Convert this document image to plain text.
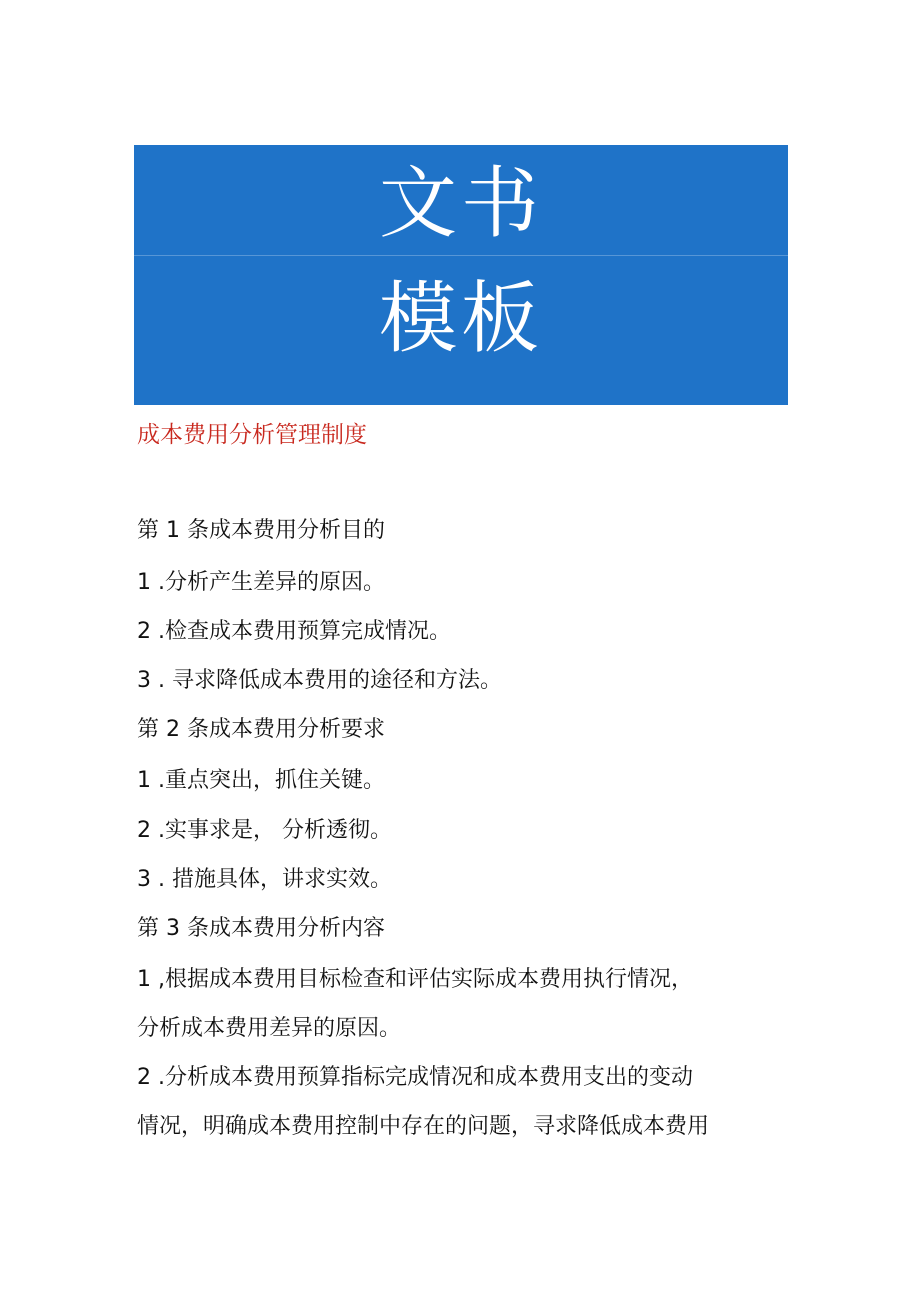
文书
模板
成本费用分析管理制度
第 1 条成本费用分析目的
1 .分析产生差异的原因。
2 .检查成本费用预算完成情况。
3 . 寻求降低成本费用的途径和方法。
第 2 条成本费用分析要求
1 .重点突出，抓住关键。
2 .实事求是， 分析透彻。
3 . 措施具体，讲求实效。
第 3 条成本费用分析内容
1 ,根据成本费用目标检查和评估实际成本费用执行情况，
分析成本费用差异的原因。
2 .分析成本费用预算指标完成情况和成本费用支出的变动
情况，明确成本费用控制中存在的问题，寻求降低成本费用
